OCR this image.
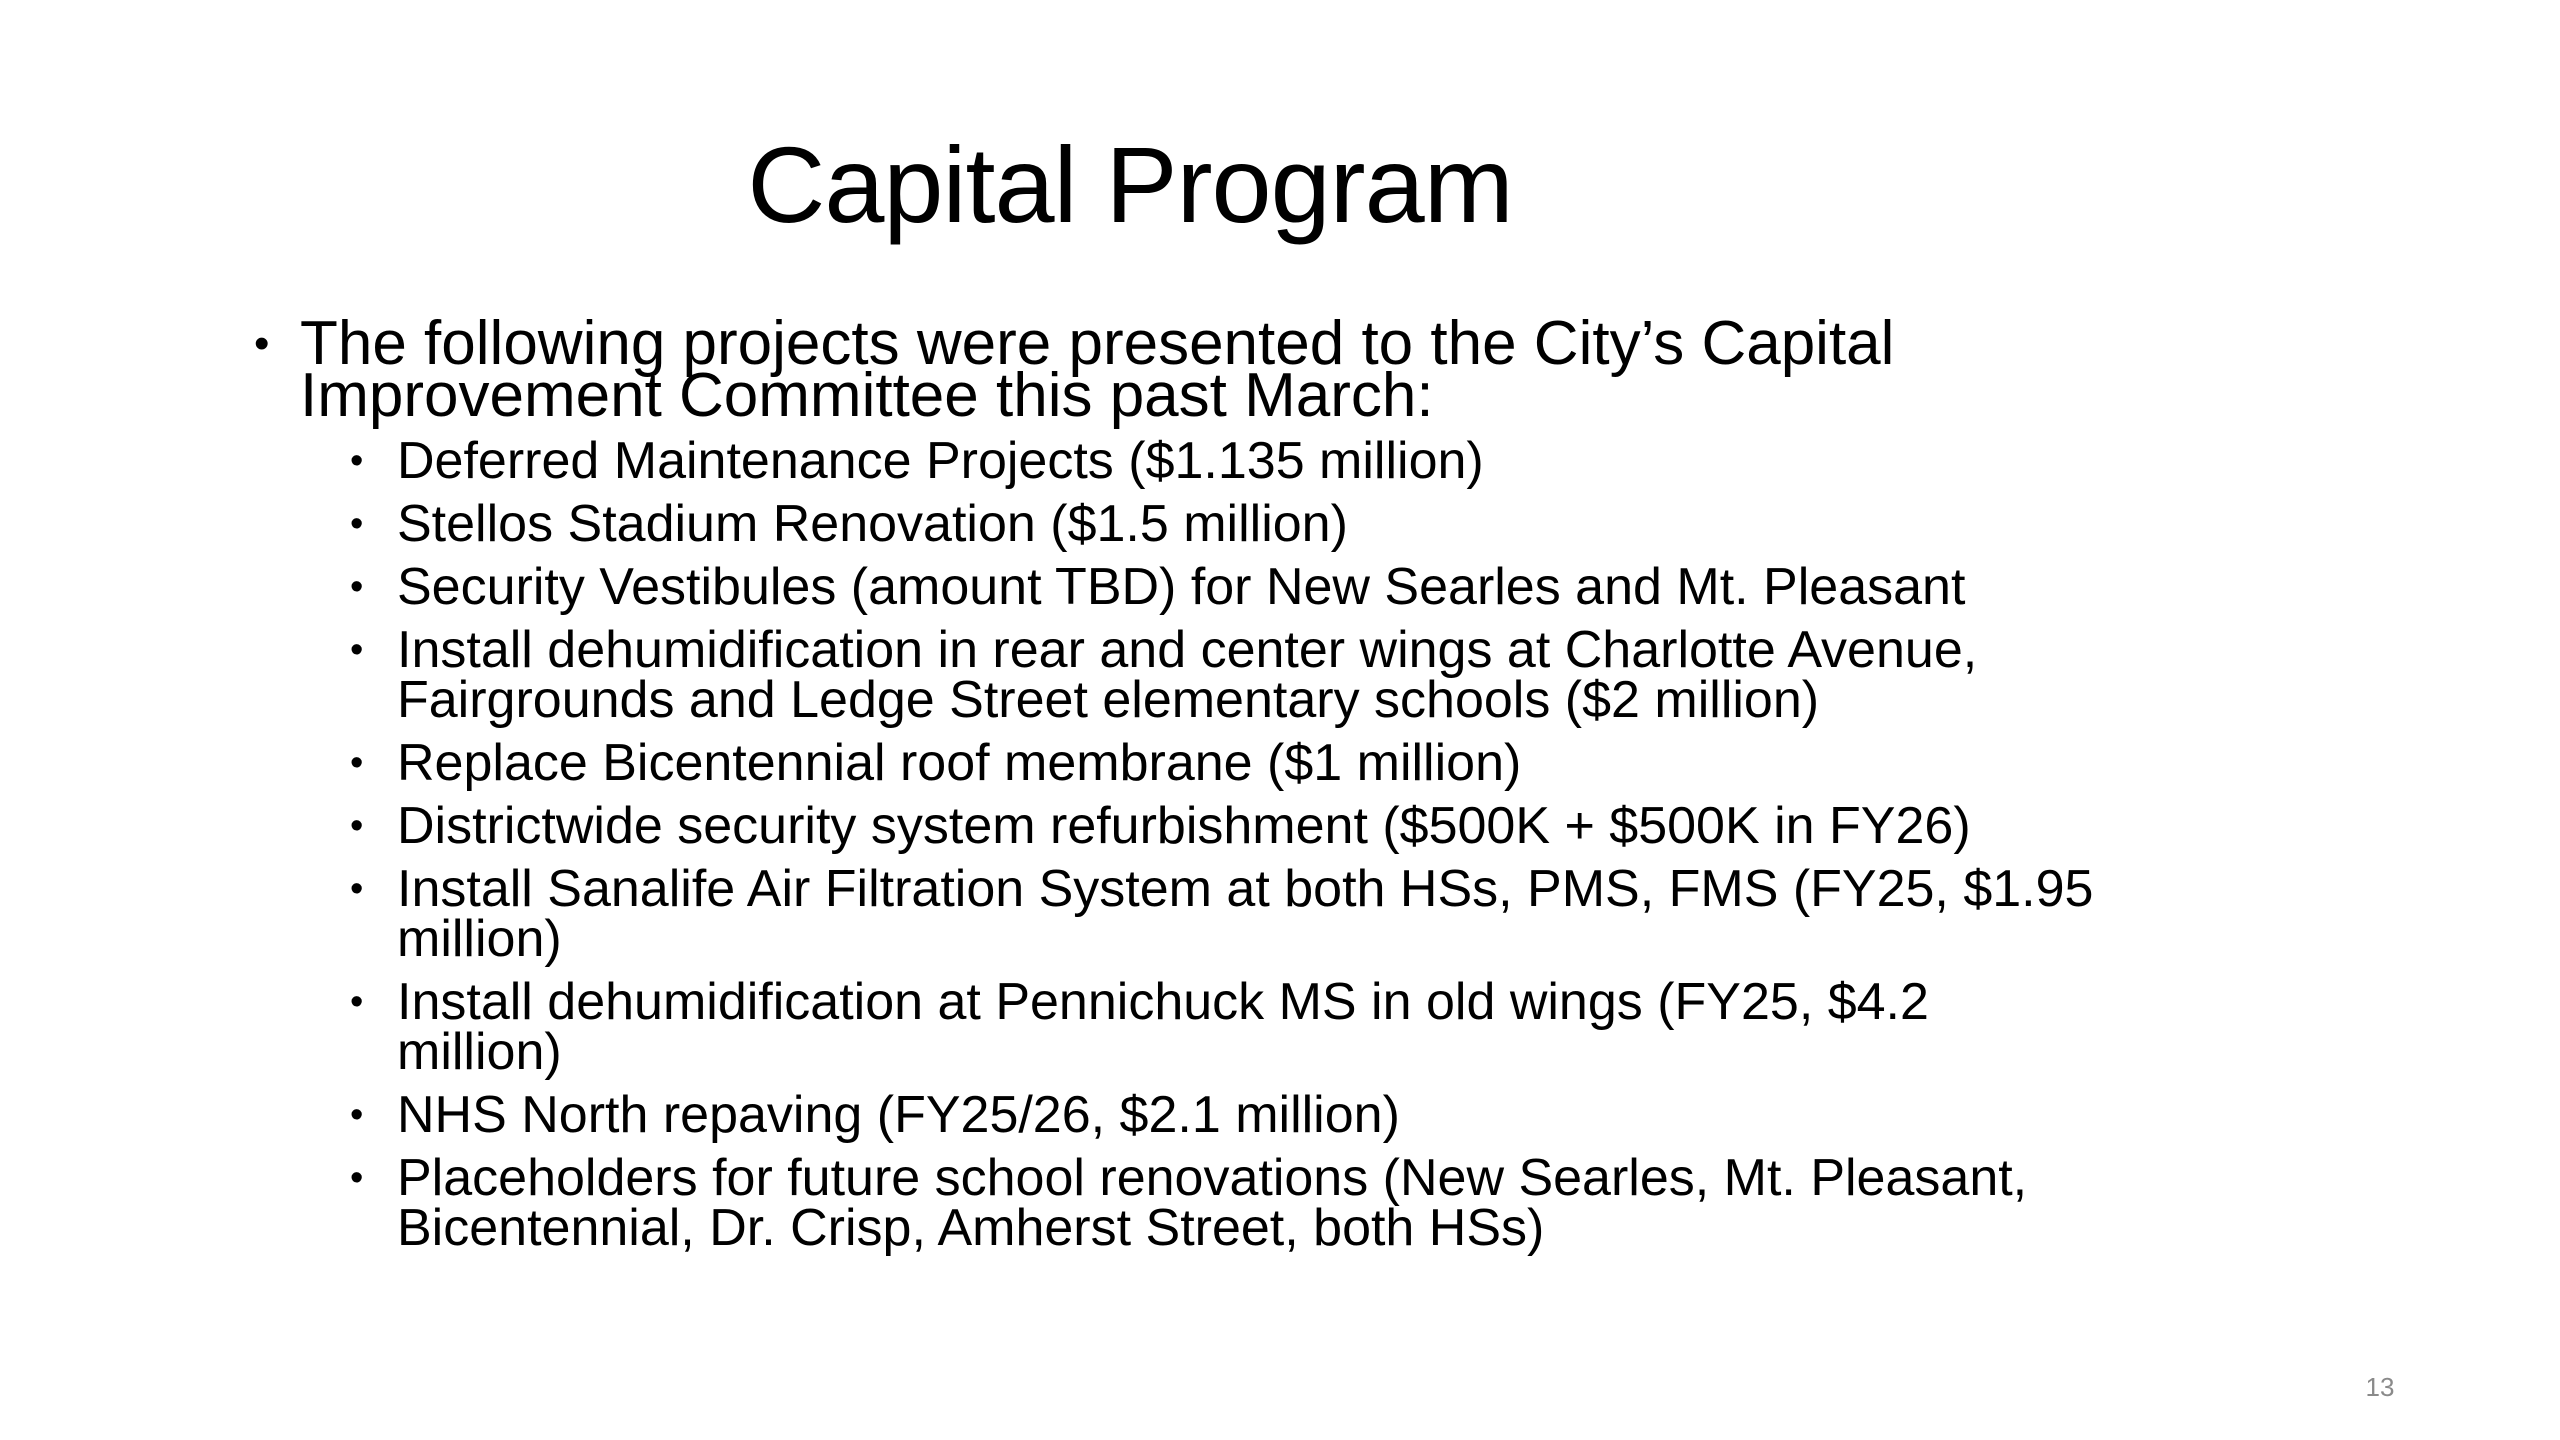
Capital Program
• The following projects were presented to the City’s Capital Improvement Committee this past March:
• Deferred Maintenance Projects ($1.135 million)
• Stellos Stadium Renovation ($1.5 million)
• Security Vestibules (amount TBD) for New Searles and Mt. Pleasant
• Install dehumidification in rear and center wings at Charlotte Avenue,
Fairgrounds and Ledge Street elementary schools ($2 million)
• Replace Bicentennial roof membrane ($1 million)
• Districtwide security system refurbishment ($500K + $500K in FY26)
• Install Sanalife Air Filtration System at both HSs, PMS, FMS (FY25, $1.95
million)
• Install dehumidification at Pennichuck MS in old wings (FY25, $4.2
million)
• NHS North repaving (FY25/26, $2.1 million)
• Placeholders for future school renovations (New Searles, Mt. Pleasant,
Bicentennial, Dr. Crisp, Amherst Street, both HSs)
13
